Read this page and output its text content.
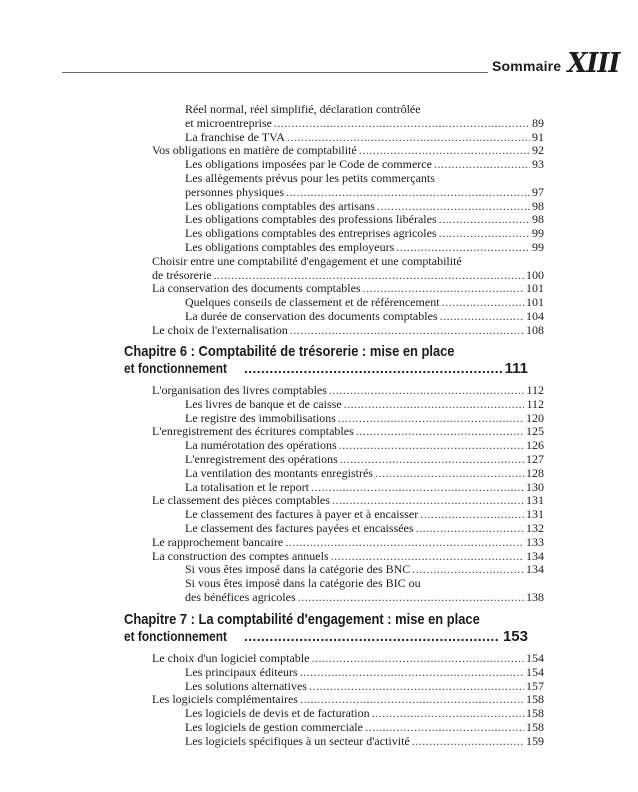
Sommaire XIII
Réel normal, réel simplifié, déclaration contrôlée
et microentreprise .....	89
La franchise de TVA .....	91
Vos obligations en matière de comptabilité .....	92
Les obligations imposées par le Code de commerce .....	93
Les allègements prévus pour les petits commerçants
personnes physiques .....	97
Les obligations comptables des artisans .....	98
Les obligations comptables des professions libérales .....	98
Les obligations comptables des entreprises agricoles .....	99
Les obligations comptables des employeurs .....	99
Choisir entre une comptabilité d'engagement et une comptabilité
de trésorerie .....	100
La conservation des documents comptables .....	101
Quelques conseils de classement et de référencement .....	101
La durée de conservation des documents comptables .....	104
Le choix de l'externalisation .....	108
Chapitre 6 : Comptabilité de trésorerie : mise en place
et fonctionnement .....	111
L'organisation des livres comptables .....	112
Les livres de banque et de caisse .....	112
Le registre des immobilisations .....	120
L'enregistrement des écritures comptables .....	125
La numérotation des opérations .....	126
L'enregistrement des opérations .....	127
La ventilation des montants enregistrés .....	128
La totalisation et le report .....	130
Le classement des pièces comptables .....	131
Le classement des factures à payer et à encaisser .....	131
Le classement des factures payées et encaissées .....	132
Le rapprochement bancaire .....	133
La construction des comptes annuels .....	134
Si vous êtes imposé dans la catégorie des BNC .....	134
Si vous êtes imposé dans la catégorie des BIC ou
des bénéfices agricoles .....	138
Chapitre 7 : La comptabilité d'engagement : mise en place
et fonctionnement .....	153
Le choix d'un logiciel comptable .....	154
Les principaux éditeurs .....	154
Les solutions alternatives .....	157
Les logiciels complémentaires .....	158
Les logiciels de devis et de facturation .....	158
Les logiciels de gestion commerciale .....	158
Les logiciels spécifiques à un secteur d'activité .....	159
